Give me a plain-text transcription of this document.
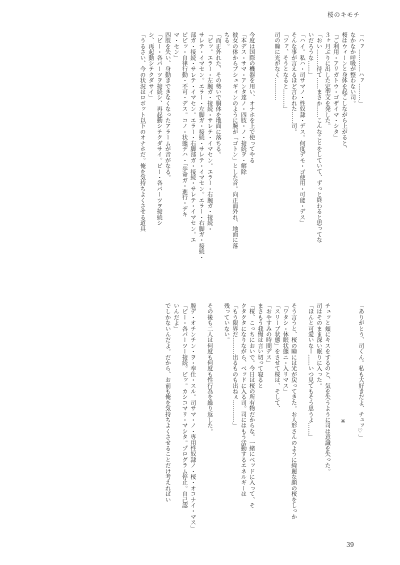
桜のキモチ

「ハァ…………ハァ………」

なかなか呼吸が整わない司。

桜はウィーンと身体を起こしながら上がると、

「ご利用・アリガトウ・ゴザイマ・シタ」

３ヶ月ぶりに出した定型文を発した。

「おい………待て……まさか……こんなことをしていて、ずっと終わると思ってな

いだろうな……」

「ハイ。私ハ・司サマノ・性奴隷・デス。何度デモ・ゴ使用・可能・デス」

そんな事が言えるほど言われた……司。

「ファ、そうとなると………」

司の瞳に光がなく…………

今度は国際の機器を用い、オナホを上で使ってやる

「本デス・サマ・アンタ達ノ・四肢・ノ・接続ヲ・解除

彼女の体からプシュギィンのように腕が「ゴトン」とした音。向正面外れ、地面に落

ちる。

「而正外れた、その勢いで胴体を地面に落ちる。

「ピッ。エラー・左腕ガ・接続・サレテ・イマセン。エラー・右腕ガ・接続・

サレテ・イマセン。エラー・左脚ガ・接続・サレテ・イマセン。エラー・右脚ガ・接続・

部ガ・接続・サレテ・イマセン。エラー・右脚部ガ・接続・サレテ・イマセン。エ

ピピッ・自律行動・不可・デス。コノ・状態デハ・「歩命ガ・進行・デキ

マ・セン」

四肢を失い、身動きできなくなったアラームが音がなる。

「ピー・各パーツヲ接続シ、再起動シテクダサイ。ピー・各パーツヲ接続シ

シ、再起動シテクダサイ」

「うるさい、今の状況はロボット以下のオナホだ。俺を気持ちよくさせる道具

「ありがとう、司くん。私も大好きだよ、チュッ♡」

※

チュッと頬にキスをするのと、気を失うように司は意識を失った。

司はそのまま深い眠りに入った。

「ほんと可愛いなー……いつ見てもそう思うよ……」

そう言うと、桜の瞳には光が戻ってきた。お人形さんのように綺麗な顔の桜をしっか

「ワタシ・休眠状態ニ・入リマス」

「スリープ状態」をさせて桜は、そして、

「おやすみの時間デス」

まさもう我慢は言い切って寝ると

「桜、こっちにおいで。今日は桜の所有物だからな。一緒にベッドに入って、そ

クタクタになりながら、ベッドに入る司。司にはもう活動するエネルギーは

「もう限界だ………出るものも出ねぇ…………」

残っていない。

その後も二人は何度も何度も性行為を繰り返した。

膣デ・オチンチン・ヲ・奉仕・スル。司サマ・ノ・専用性奴隷ノ・桜・オコナイ・マス」

「ピー・各パーツー接続。ピッ。カシコマリ・マシタ。プログラム停止。自己認

いんだよ」

でしかないんだよ。だから、お前も俺を気持ちよくさせることだけ考えればい

39
